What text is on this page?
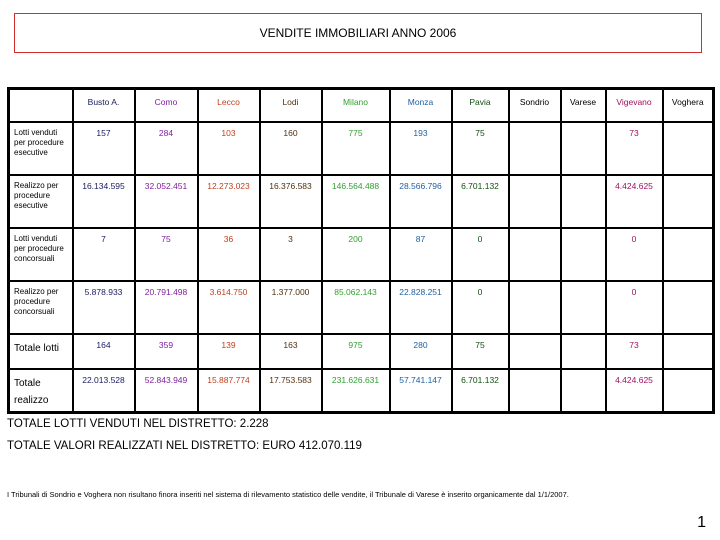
VENDITE IMMOBILIARI ANNO 2006
	Busto A.	Como	Lecco	Lodi	Milano	Monza	Pavia	Sondrio	Varese	Vigevano	Voghera
Lotti venduti per procedure esecutive	157	284	103	160	775	193	75			73	
Realizzo per procedure esecutive	16.134.595	32.052.451	12.273.023	16.376.583	146.564.488	28.566.796	6.701.132			4.424.625	
Lotti venduti per procedure concorsuali	7	75	36	3	200	87	0			0	
Realizzo per procedure concorsuali	5.878.933	20.791.498	3.614.750	1.377.000	85.062.143	22.828.251	0			0	
Totale lotti	164	359	139	163	975	280	75			73	
Totale realizzo	22.013.528	52.843.949	15.887.774	17.753.583	231.626.631	57.741.147	6.701.132			4.424.625	
TOTALE LOTTI VENDUTI NEL DISTRETTO: 2.228
TOTALE VALORI REALIZZATI NEL DISTRETTO: EURO 412.070.119
I Tribunali di Sondrio e Voghera non risultano finora inseriti nel sistema di rilevamento statistico delle vendite, il Tribunale di Varese è inserito organicamente dal 1/1/2007.
1
